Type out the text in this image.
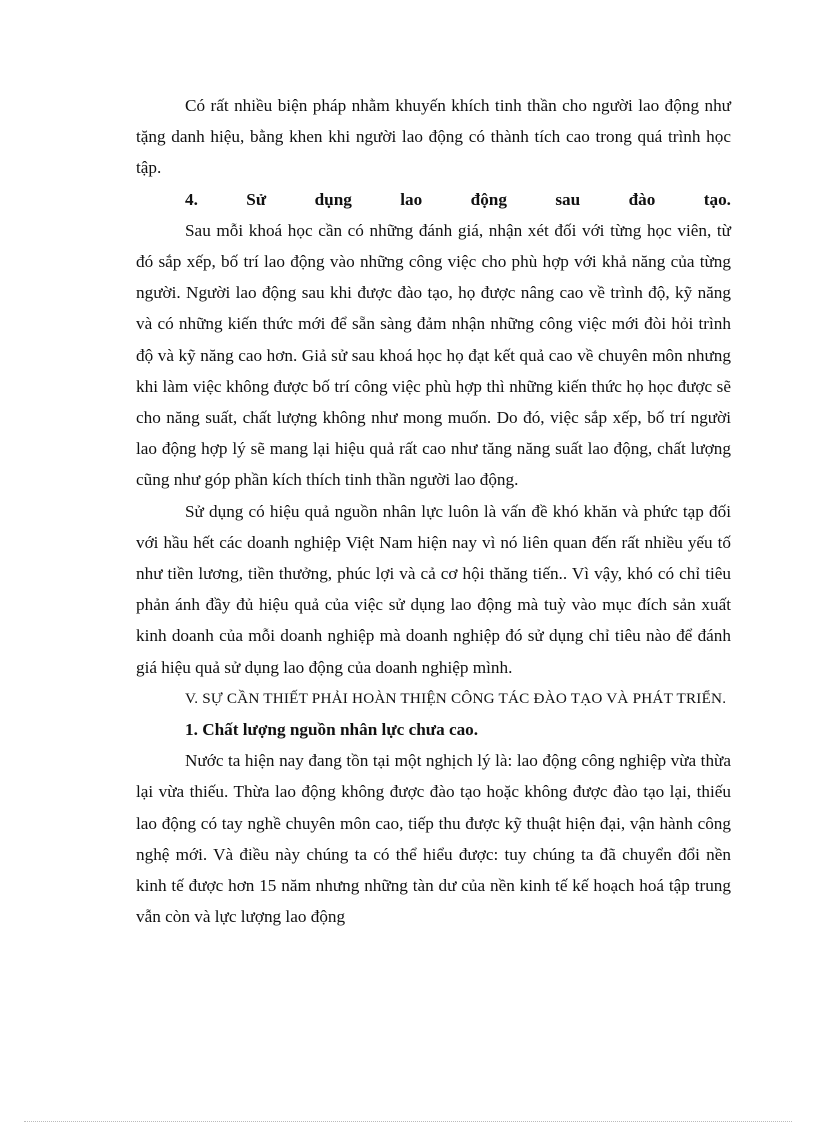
Có rất nhiều biện pháp nhằm khuyến khích tinh thần cho người lao động như tặng danh hiệu, bằng khen khi người lao động có thành tích cao trong quá trình học tập.

4.	Sử	dụng	lao	động	sau	đào	tạo.

Sau mỗi khoá học cần có những đánh giá, nhận xét đối với từng học viên, từ đó sắp xếp, bố trí lao động vào những công việc cho phù hợp với khả năng của từng người. Người lao động sau khi được đào tạo, họ được nâng cao về trình độ, kỹ năng và có những kiến thức mới để sẵn sàng đảm nhận những công việc mới đòi hỏi trình độ và kỹ năng cao hơn. Giả sử sau khoá học họ đạt kết quả cao về chuyên môn nhưng khi làm việc không được bố trí công việc phù hợp thì những kiến thức họ học được sẽ cho năng suất, chất lượng không như mong muốn. Do đó, việc sắp xếp, bố trí người lao động hợp lý sẽ mang lại hiệu quả rất cao như tăng năng suất lao động, chất lượng cũng như góp phần kích thích tinh thần người lao động.

Sử dụng có hiệu quả nguồn nhân lực luôn là vấn đề khó khăn và phức tạp đối với hầu hết các doanh nghiệp Việt Nam hiện nay vì nó liên quan đến rất nhiều yếu tố như tiền lương, tiền thưởng, phúc lợi và cả cơ hội thăng tiến.. Vì vậy, khó có chỉ tiêu phản ánh đầy đủ hiệu quả của việc sử dụng lao động mà tuỳ vào mục đích sản xuất kinh doanh của mỗi doanh nghiệp mà doanh nghiệp đó sử dụng chỉ tiêu nào để đánh giá hiệu quả sử dụng lao động của doanh nghiệp mình.

V. SỰ CẦN THIẾT PHẢI HOÀN THIỆN CÔNG TÁC ĐÀO TẠO VÀ PHÁT TRIỂN.

1. Chất lượng nguồn nhân lực chưa cao.

Nước ta hiện nay đang tồn tại một nghịch lý là: lao động công nghiệp vừa thừa lại vừa thiếu. Thừa lao động không được đào tạo hoặc không được đào tạo lại, thiếu lao động có tay nghề chuyên môn cao, tiếp thu được kỹ thuật hiện đại, vận hành công nghệ mới. Và điều này chúng ta có thể hiểu được: tuy chúng ta đã chuyển đổi nền kinh tế được hơn 15 năm nhưng những tàn dư của nền kinh tế kế hoạch hoá tập trung vẫn còn và lực lượng lao động
